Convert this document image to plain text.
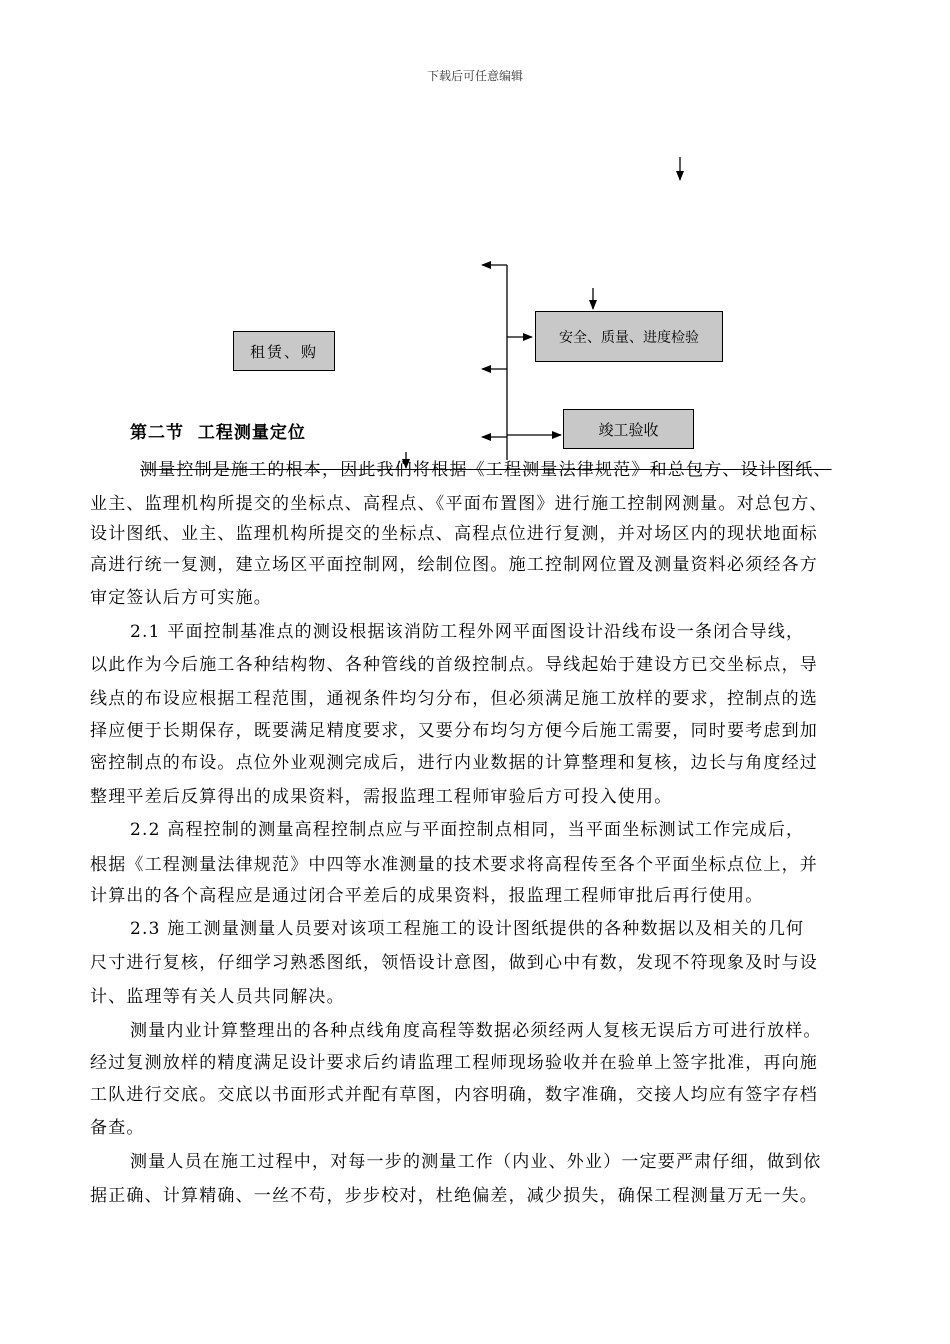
下载后可任意编辑
租赁、购
安全、质量、进度检验
竣工验收
第二节  工程测量定位
测量控制是施工的根本，因此我们将根据《工程测量法律规范》和总包方、设计图纸、
业主、监理机构所提交的坐标点、高程点、《平面布置图》进行施工控制网测量。对总包方、
设计图纸、业主、监理机构所提交的坐标点、高程点位进行复测，并对场区内的现状地面标
高进行统一复测，建立场区平面控制网，绘制位图。施工控制网位置及测量资料必须经各方
审定签认后方可实施。
2.1 平面控制基准点的测设根据该消防工程外网平面图设计沿线布设一条闭合导线，
以此作为今后施工各种结构物、各种管线的首级控制点。导线起始于建设方已交坐标点，导
线点的布设应根据工程范围，通视条件均匀分布，但必须满足施工放样的要求，控制点的选
择应便于长期保存，既要满足精度要求，又要分布均匀方便今后施工需要，同时要考虑到加
密控制点的布设。点位外业观测完成后，进行内业数据的计算整理和复核，边长与角度经过
整理平差后反算得出的成果资料，需报监理工程师审验后方可投入使用。
2.2 高程控制的测量高程控制点应与平面控制点相同，当平面坐标测试工作完成后，
根据《工程测量法律规范》中四等水准测量的技术要求将高程传至各个平面坐标点位上，并
计算出的各个高程应是通过闭合平差后的成果资料，报监理工程师审批后再行使用。
2.3 施工测量测量人员要对该项工程施工的设计图纸提供的各种数据以及相关的几何
尺寸进行复核，仔细学习熟悉图纸，领悟设计意图，做到心中有数，发现不符现象及时与设
计、监理等有关人员共同解决。
测量内业计算整理出的各种点线角度高程等数据必须经两人复核无误后方可进行放样。
经过复测放样的精度满足设计要求后约请监理工程师现场验收并在验单上签字批准，再向施
工队进行交底。交底以书面形式并配有草图，内容明确，数字准确，交接人均应有签字存档
备查。
测量人员在施工过程中，对每一步的测量工作（内业、外业）一定要严肃仔细，做到依
据正确、计算精确、一丝不苟，步步校对，杜绝偏差，减少损失，确保工程测量万无一失。
